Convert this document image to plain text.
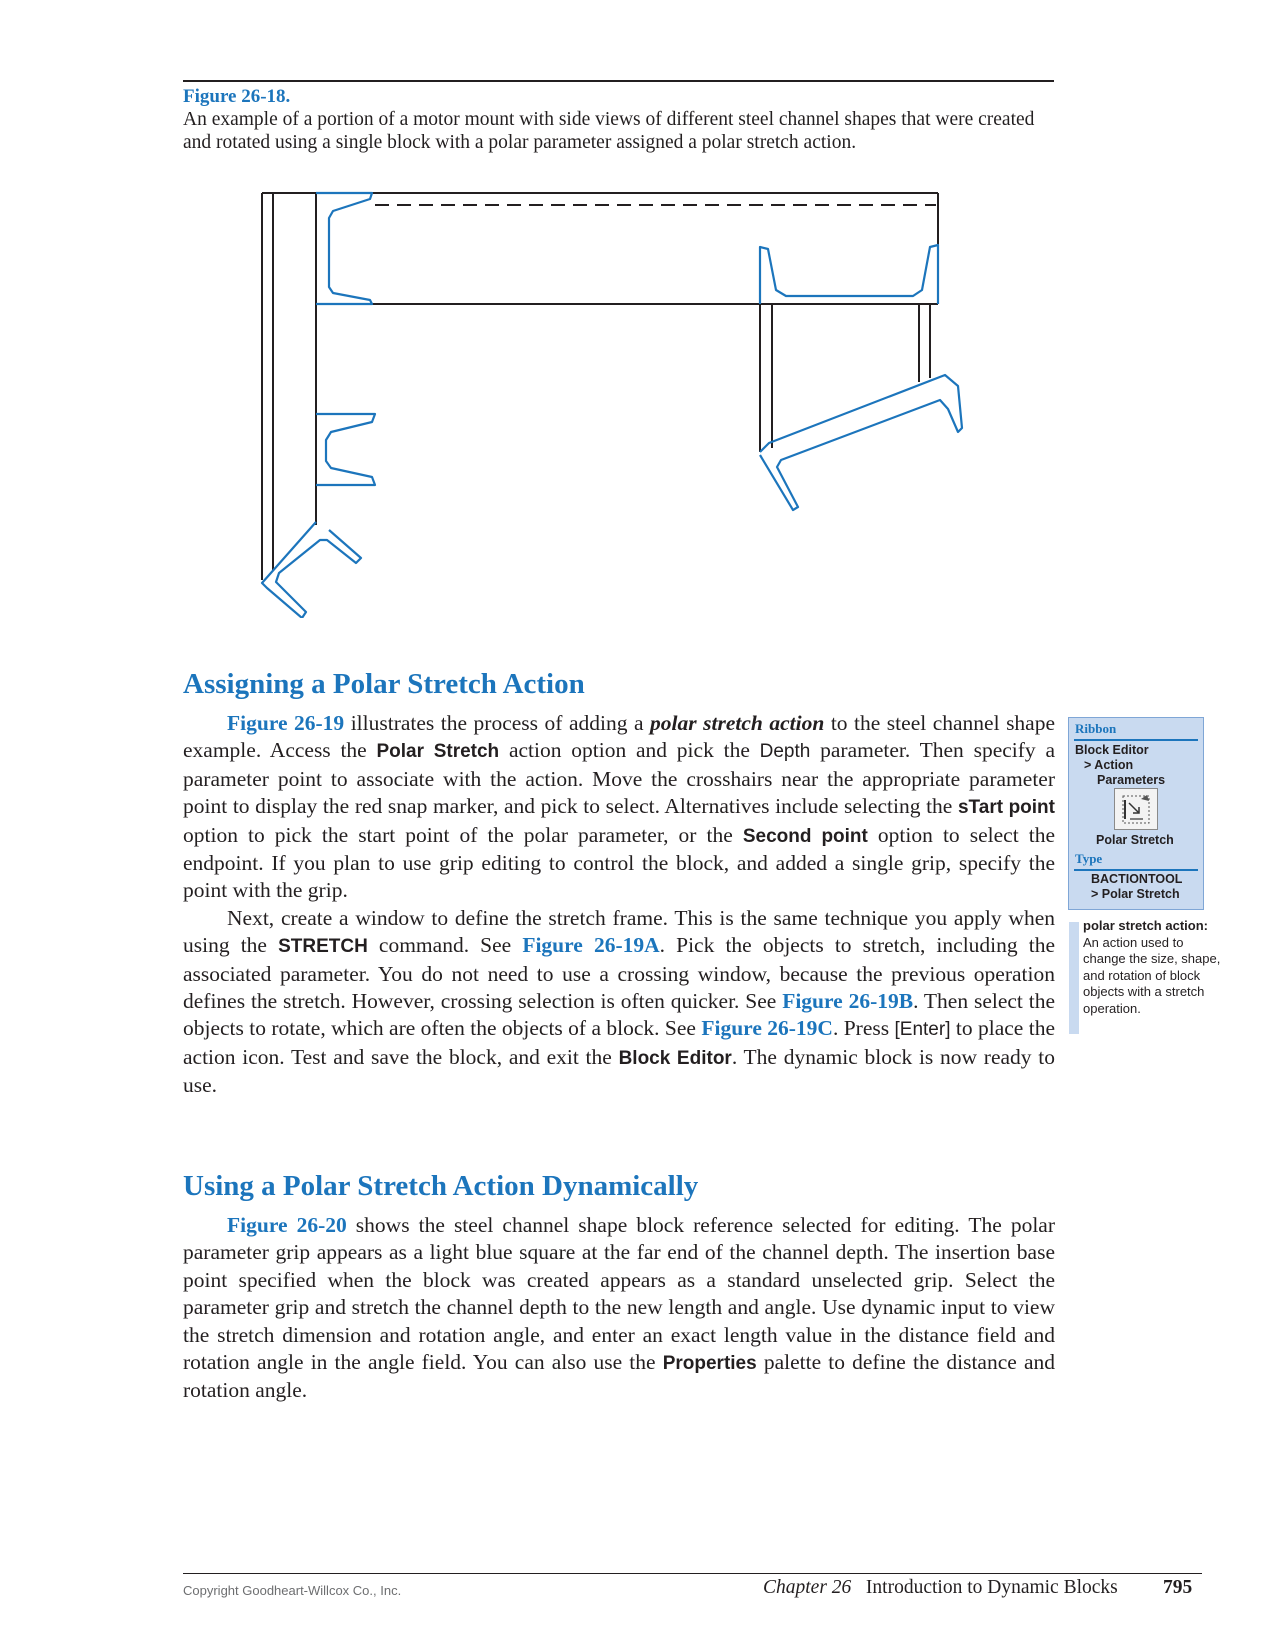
Figure 26-18.
An example of a portion of a motor mount with side views of different steel channel shapes that were created and rotated using a single block with a polar parameter assigned a polar stretch action.
Assigning a Polar Stretch Action

Figure 26-19 illustrates the process of adding a polar stretch action to the steel channel shape example. Access the Polar Stretch action option and pick the Depth parameter. Then specify a parameter point to associate with the action. Move the crosshairs near the appropriate parameter point to display the red snap marker, and pick to select. Alternatives include selecting the sTart point option to pick the start point of the polar parameter, or the Second point option to select the endpoint. If you plan to use grip editing to control the block, and added a single grip, specify the point with the grip.

Next, create a window to define the stretch frame. This is the same technique you apply when using the STRETCH command. See Figure 26-19A. Pick the objects to stretch, including the associated parameter. You do not need to use a crossing window, because the previous operation defines the stretch. However, crossing selection is often quicker. See Figure 26-19B. Then select the objects to rotate, which are often the objects of a block. See Figure 26-19C. Press [Enter] to place the action icon. Test and save the block, and exit the Block Editor. The dynamic block is now ready to use.

Using a Polar Stretch Action Dynamically

Figure 26-20 shows the steel channel shape block reference selected for editing. The polar parameter grip appears as a light blue square at the far end of the channel depth. The insertion base point specified when the block was created appears as a standard unselected grip. Select the parameter grip and stretch the channel depth to the new length and angle. Use dynamic input to view the stretch dimension and rotation angle, and enter an exact length value in the distance field and rotation angle in the angle field. You can also use the Properties palette to define the distance and rotation angle.

Ribbon
Block Editor
> Action
Parameters
Polar Stretch
Type
BACTIONTOOL
> Polar Stretch
polar stretch action: An action used to change the size, shape, and rotation of block objects with a stretch operation.
Copyright Goodheart-Willcox Co., Inc.	Chapter 26 Introduction to Dynamic Blocks 795
